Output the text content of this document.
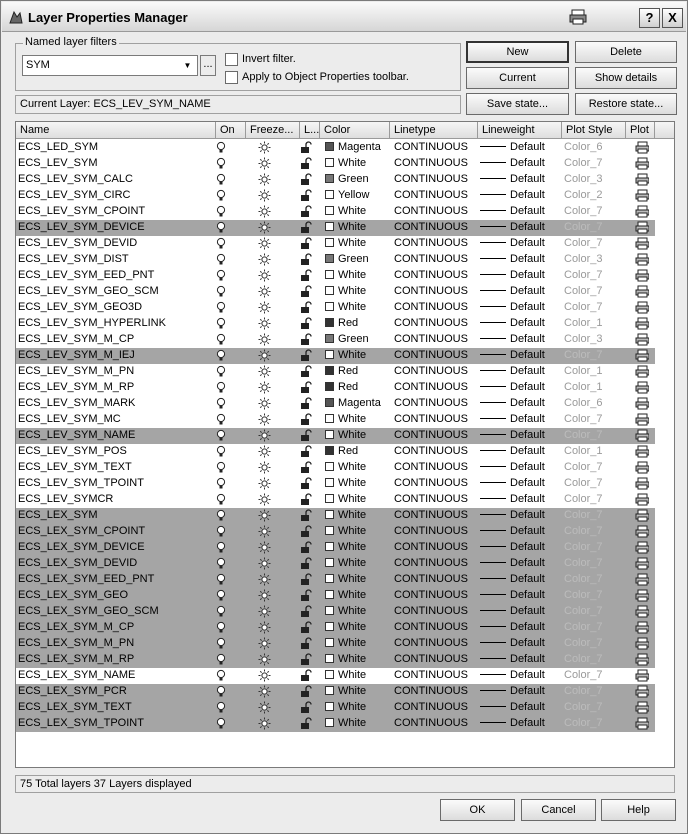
Layer Properties Manager	?	X
Named layer filters
SYM	▼	...	Invert filter.
Apply to Object Properties toolbar.
New	Delete
Current	Show details
Save state...	Restore state...
Current Layer: ECS_LEV_SYM_NAME
Name	On	Freeze... L... Color	Linetype	Lineweight	Plot Style	Plot
ECS_LED_SYM	Magenta	CONTINUOUS	Default	Color_6
ECS_LEV_SYM	White	CONTINUOUS	Default	Color_7
ECS_LEV_SYM_CALC	Green	CONTINUOUS	Default	Color_3
ECS_LEV_SYM_CIRC	Yellow	CONTINUOUS	Default	Color_2
ECS_LEV_SYM_CPOINT	White	CONTINUOUS	Default	Color_7
ECS_LEV_SYM_DEVICE	White	CONTINUOUS	Default	Color_7
ECS_LEV_SYM_DEVID	White	CONTINUOUS	Default	Color_7
ECS_LEV_SYM_DIST	Green	CONTINUOUS	Default	Color_3
ECS_LEV_SYM_EED_PNT	White	CONTINUOUS	Default	Color_7
ECS_LEV_SYM_GEO_SCM	White	CONTINUOUS	Default	Color_7
ECS_LEV_SYM_GEO3D	White	CONTINUOUS	Default	Color_7
ECS_LEV_SYM_HYPERLINK	Red	CONTINUOUS	Default	Color_1
ECS_LEV_SYM_M_CP	Green	CONTINUOUS	Default	Color_3
ECS_LEV_SYM_M_IEJ	White	CONTINUOUS	Default	Color_7
ECS_LEV_SYM_M_PN	Red	CONTINUOUS	Default	Color_1
ECS_LEV_SYM_M_RP	Red	CONTINUOUS	Default	Color_1
ECS_LEV_SYM_MARK	Magenta	CONTINUOUS	Default	Color_6
ECS_LEV_SYM_MC	White	CONTINUOUS	Default	Color_7
ECS_LEV_SYM_NAME	White	CONTINUOUS	Default	Color_7
ECS_LEV_SYM_POS	Red	CONTINUOUS	Default	Color_1
ECS_LEV_SYM_TEXT	White	CONTINUOUS	Default	Color_7
ECS_LEV_SYM_TPOINT	White	CONTINUOUS	Default	Color_7
ECS_LEV_SYMCR	White	CONTINUOUS	Default	Color_7
ECS_LEX_SYM	White	CONTINUOUS	Default	Color_7
ECS_LEX_SYM_CPOINT	White	CONTINUOUS	Default	Color_7
ECS_LEX_SYM_DEVICE	White	CONTINUOUS	Default	Color_7
ECS_LEX_SYM_DEVID	White	CONTINUOUS	Default	Color_7
ECS_LEX_SYM_EED_PNT	White	CONTINUOUS	Default	Color_7
ECS_LEX_SYM_GEO	White	CONTINUOUS	Default	Color_7
ECS_LEX_SYM_GEO_SCM	White	CONTINUOUS	Default	Color_7
ECS_LEX_SYM_M_CP	White	CONTINUOUS	Default	Color_7
ECS_LEX_SYM_M_PN	White	CONTINUOUS	Default	Color_7
ECS_LEX_SYM_M_RP	White	CONTINUOUS	Default	Color_7
ECS_LEX_SYM_NAME	White	CONTINUOUS	Default	Color_7
ECS_LEX_SYM_PCR	White	CONTINUOUS	Default	Color_7
ECS_LEX_SYM_TEXT	White	CONTINUOUS	Default	Color_7
ECS_LEX_SYM_TPOINT	White	CONTINUOUS	Default	Color_7
75 Total layers 37 Layers displayed
OK	Cancel	Help
